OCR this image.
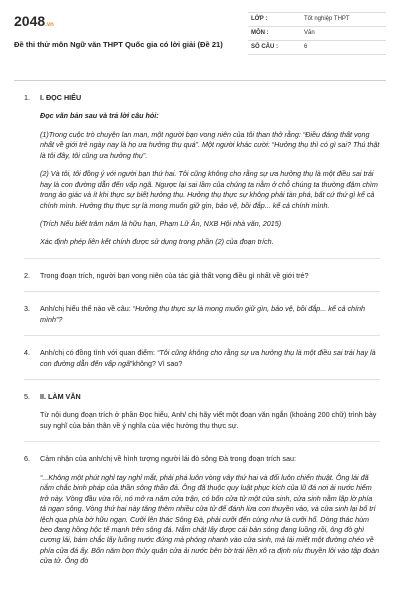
2048.vn
Đề thi thử môn Ngữ văn THPT Quốc gia có lời giải (Đề 21)
LỚP :	Tốt nghiệp THPT
MÔN :	Văn
SỐ CÂU :	6
1.	I. ĐỌC HIỂU
Đọc văn bản sau và trả lời câu hỏi:
(1)Trong cuộc trò chuyện lan man, một người bạn vong niên của tôi than thở rằng: “Điều đáng thất vọng nhất về giới trẻ ngày nay là họ ưa hưởng thụ quá”. Một người khác cười: “Hưởng thụ thì có gì sai? Thú thật là tôi đây, tôi cũng ưa hưởng thụ”.
(2) Và tôi, tôi đồng ý với người bạn thứ hai. Tôi cũng không cho rằng sự ưa hưởng thụ là một điều sai trái hay là con đường dẫn đến vấp ngã. Ngược lại sai lầm của chúng ta nằm ở chỗ chúng ta thường đặm chìm trong ảo giác và ít khi thực sự biết hưởng thụ. Hưởng thụ thực sự không phải tàn phá, bất cứ thứ gì kể cả chính mình. Hưởng thụ thực sự là mong muốn giữ gìn, bảo vệ, bồi đắp... kể cả chính mình.
(Trích Nếu biết trăm năm là hữu hạn, Phạm Lữ Ân, NXB Hội nhà văn, 2015)
Xác định phép liên kết chính được sử dụng trong phần (2) của đoạn trích.
2.	Trong đoạn trích, người bạn vong niên của tác giả thất vọng điều gì nhất về giới trẻ?
3.	Anh/chị hiểu thế nào về câu: “Hưởng thụ thực sự là mong muốn giữ gìn, bảo vệ, bồi đắp... kể cả chính mình”?
4.	Anh/chị có đồng tình với quan điểm: “Tôi cũng không cho rằng sự ưa hưởng thụ là một điều sai trái hay là con đường dẫn đến vấp ngã”không? Vì sao?
5.	II. LÀM VĂN
Từ nội dung đoạn trích ở phần Đọc hiểu, Anh/ chị hãy viết một đoạn văn ngắn (khoảng 200 chữ) trình bày suy nghĩ của bản thân về ý nghĩa của việc hưởng thụ thực sự.
6.	Cảm nhận của anh/chị về hình tượng người lái đò sông Đà trong đoạn trích sau:
“...Không một phút nghỉ tay nghỉ mắt, phải phá luôn vòng vây thứ hai và đổi luôn chiến thuật. Ông lái đã nắm chắc binh pháp của thần sông thần đá. Ông đã thuộc quy luật phục kích của lũ đá nơi ải nước hiểm trở này. Vòng đầu vừa rồi, nó mở ra năm cửa trận, có bốn cửa tử một cửa sinh, cửa sinh nằm lập lờ phía tả ngạn sông. Vòng thứ hai này tăng thêm nhiều cửa tử để đánh lừa con thuyền vào, và cửa sinh lại bố trí lệch qua phía bờ hữu ngạn. Cưỡi lên thác Sông Đà, phải cưỡi đến cùng như là cưỡi hổ. Dòng thác hùm beo đang hồng hộc tế mạnh trên sông đá. Nắm chặt lấy được cái bản sóng đang luồng rồi, ông đò ghì cương lái, bám chắc lấy luồng nước đúng mà phóng nhanh vào cửa sinh, mà lái miết một đường chéo về phía cửa đá ấy. Bốn năm bọn thủy quân cửa ải nước bên bờ trái liền xô ra định níu thuyền lôi vào tập đoàn cửa tử. Ông đò
